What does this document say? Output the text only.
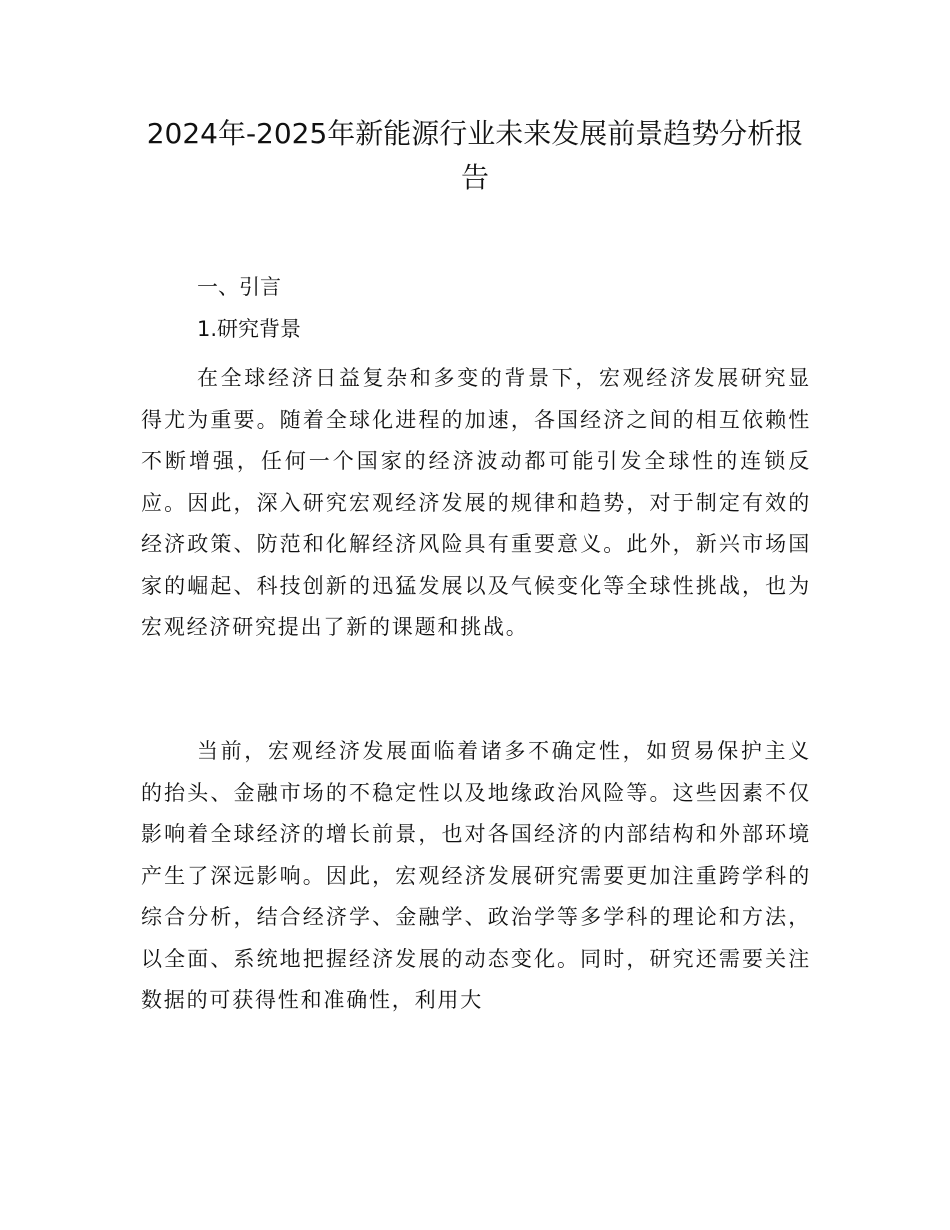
2024年-2025年新能源行业未来发展前景趋势分析报告
一、引言
1.研究背景

在全球经济日益复杂和多变的背景下，宏观经济发展研究显得尤为重要。随着全球化进程的加速，各国经济之间的相互依赖性不断增强，任何一个国家的经济波动都可能引发全球性的连锁反应。因此，深入研究宏观经济发展的规律和趋势，对于制定有效的经济政策、防范和化解经济风险具有重要意义。此外，新兴市场国家的崛起、科技创新的迅猛发展以及气候变化等全球性挑战，也为宏观经济研究提出了新的课题和挑战。

当前，宏观经济发展面临着诸多不确定性，如贸易保护主义的抬头、金融市场的不稳定性以及地缘政治风险等。这些因素不仅影响着全球经济的增长前景，也对各国经济的内部结构和外部环境产生了深远影响。因此，宏观经济发展研究需要更加注重跨学科的综合分析，结合经济学、金融学、政治学等多学科的理论和方法，以全面、系统地把握经济发展的动态变化。同时，研究还需要关注数据的可获得性和准确性，利用大
